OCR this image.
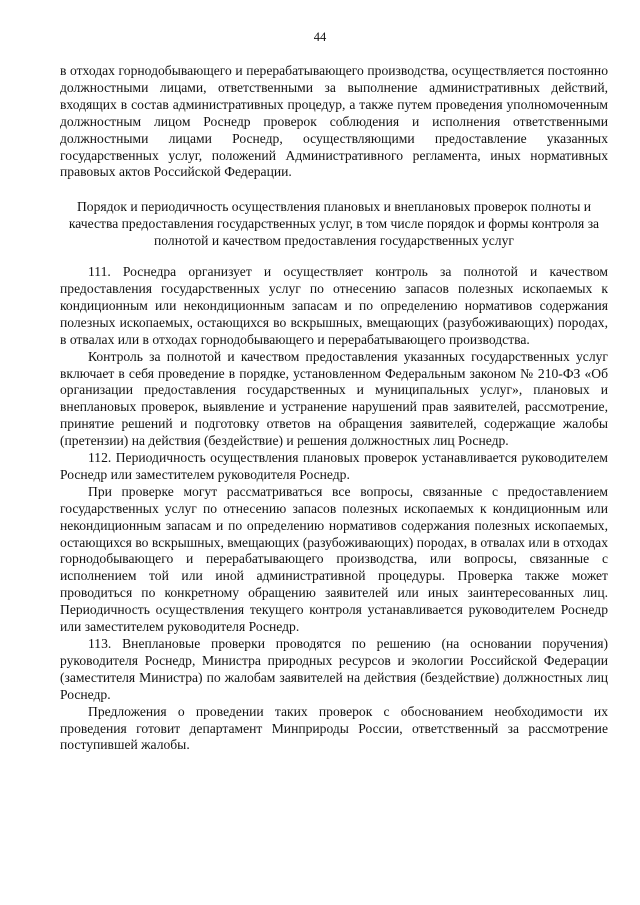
44

в отходах горнодобывающего и перерабатывающего производства, осуществляется постоянно должностными лицами, ответственными за выполнение административных действий, входящих в состав административных процедур, а также путем проведения уполномоченным должностным лицом Роснедр проверок соблюдения и исполнения ответственными должностными лицами Роснедр, осуществляющими предоставление указанных государственных услуг, положений Административного регламента, иных нормативных правовых актов Российской Федерации.

Порядок и периодичность осуществления плановых и внеплановых проверок полноты и качества предоставления государственных услуг, в том числе порядок и формы контроля за полнотой и качеством предоставления государственных услуг

111. Роснедра организует и осуществляет контроль за полнотой и качеством предоставления государственных услуг по отнесению запасов полезных ископаемых к кондиционным или некондиционным запасам и по определению нормативов содержания полезных ископаемых, остающихся во вскрышных, вмещающих (разубоживающих) породах, в отвалах или в отходах горнодобывающего и перерабатывающего производства.

Контроль за полнотой и качеством предоставления указанных государственных услуг включает в себя проведение в порядке, установленном Федеральным законом № 210-ФЗ «Об организации предоставления государственных и муниципальных услуг», плановых и внеплановых проверок, выявление и устранение нарушений прав заявителей, рассмотрение, принятие решений и подготовку ответов на обращения заявителей, содержащие жалобы (претензии) на действия (бездействие) и решения должностных лиц Роснедр.

112. Периодичность осуществления плановых проверок устанавливается руководителем Роснедр или заместителем руководителя Роснедр.

При проверке могут рассматриваться все вопросы, связанные с предоставлением государственных услуг по отнесению запасов полезных ископаемых к кондиционным или некондиционным запасам и по определению нормативов содержания полезных ископаемых, остающихся во вскрышных, вмещающих (разубоживающих) породах, в отвалах или в отходах горнодобывающего и перерабатывающего производства, или вопросы, связанные с исполнением той или иной административной процедуры. Проверка также может проводиться по конкретному обращению заявителей или иных заинтересованных лиц. Периодичность осуществления текущего контроля устанавливается руководителем Роснедр или заместителем руководителя Роснедр.

113. Внеплановые проверки проводятся по решению (на основании поручения) руководителя Роснедр, Министра природных ресурсов и экологии Российской Федерации (заместителя Министра) по жалобам заявителей на действия (бездействие) должностных лиц Роснедр.

Предложения о проведении таких проверок с обоснованием необходимости их проведения готовит департамент Минприроды России, ответственный за рассмотрение поступившей жалобы.
